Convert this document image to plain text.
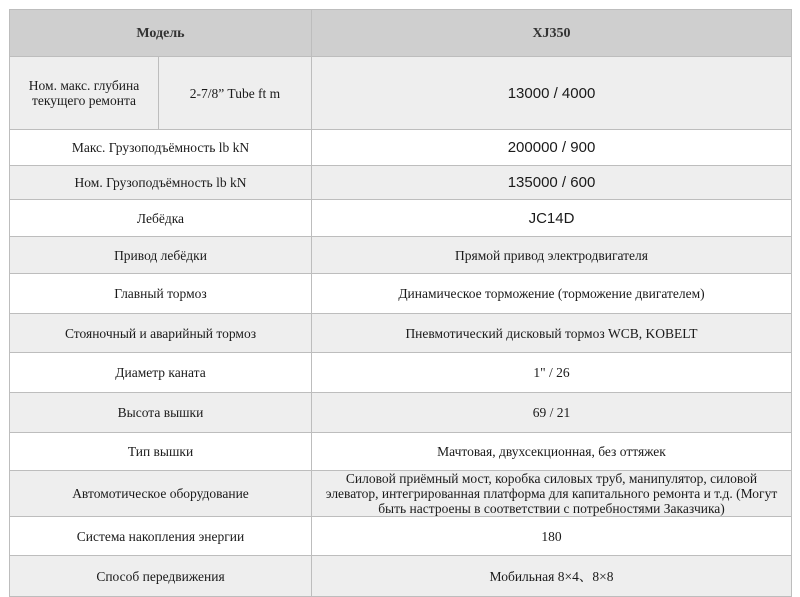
Модель		XJ350
Ном. макс. глубина текущего ремонта	2-7/8” Tube ft m	13000 / 4000
Макс. Грузоподъёмность lb kN		200000 / 900
Ном. Грузоподъёмность lb kN		135000 / 600
Лебёдка		JC14D
Привод лебёдки		Прямой привод электродвигателя
Главный тормоз		Динамическое торможение (торможение двигателем)
Стояночный и аварийный тормоз		Пневмотический дисковый тормоз WCB, KOBELT
Диаметр каната		1" / 26
Высота вышки		69 / 21
Тип вышки		Мачтовая, двухсекционная, без оттяжек
Автомотическое оборудование		Силовой приёмный мост, коробка силовых труб, манипулятор, силовой элеватор, интегрированная платформа для капитального ремонта и т.д. (Могут быть настроены в соответствии с потребностями Заказчика)
Система накопления энергии		180
Способ передвижения		Мобильная 8×4、8×8
